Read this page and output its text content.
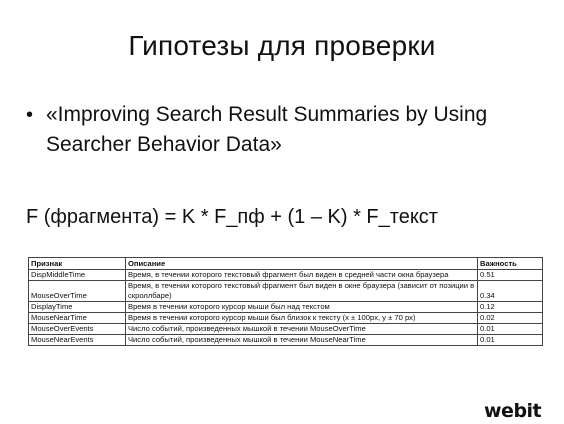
Гипотезы для проверки
• «Improving Search Result Summaries by Using Searcher Behavior Data»
F (фрагмента) = K * F_пф + (1 – K) * F_текст
Признак	Описание	Важность
DispMiddleTime	Время, в течении которого текстовый фрагмент был виден в средней части окна браузера	0.51
MouseOverTime	Время, в течении которого текстовый фрагмент был виден в окне браузера (зависит от позиции в скроллбаре)	0.34
DisplayTime	Время в течении которого курсор мыши был над текстом	0.12
MouseNearTime	Время в течении которого курсор мыши был близок к тексту (x ± 100px, y ± 70 px)	0.02
MouseOverEvents	Число событий, произведенных мышкой в течении MouseOverTime	0.01
MouseNearEvents	Число событий, произведенных мышкой в течении MouseNearTime	0.01
webit
